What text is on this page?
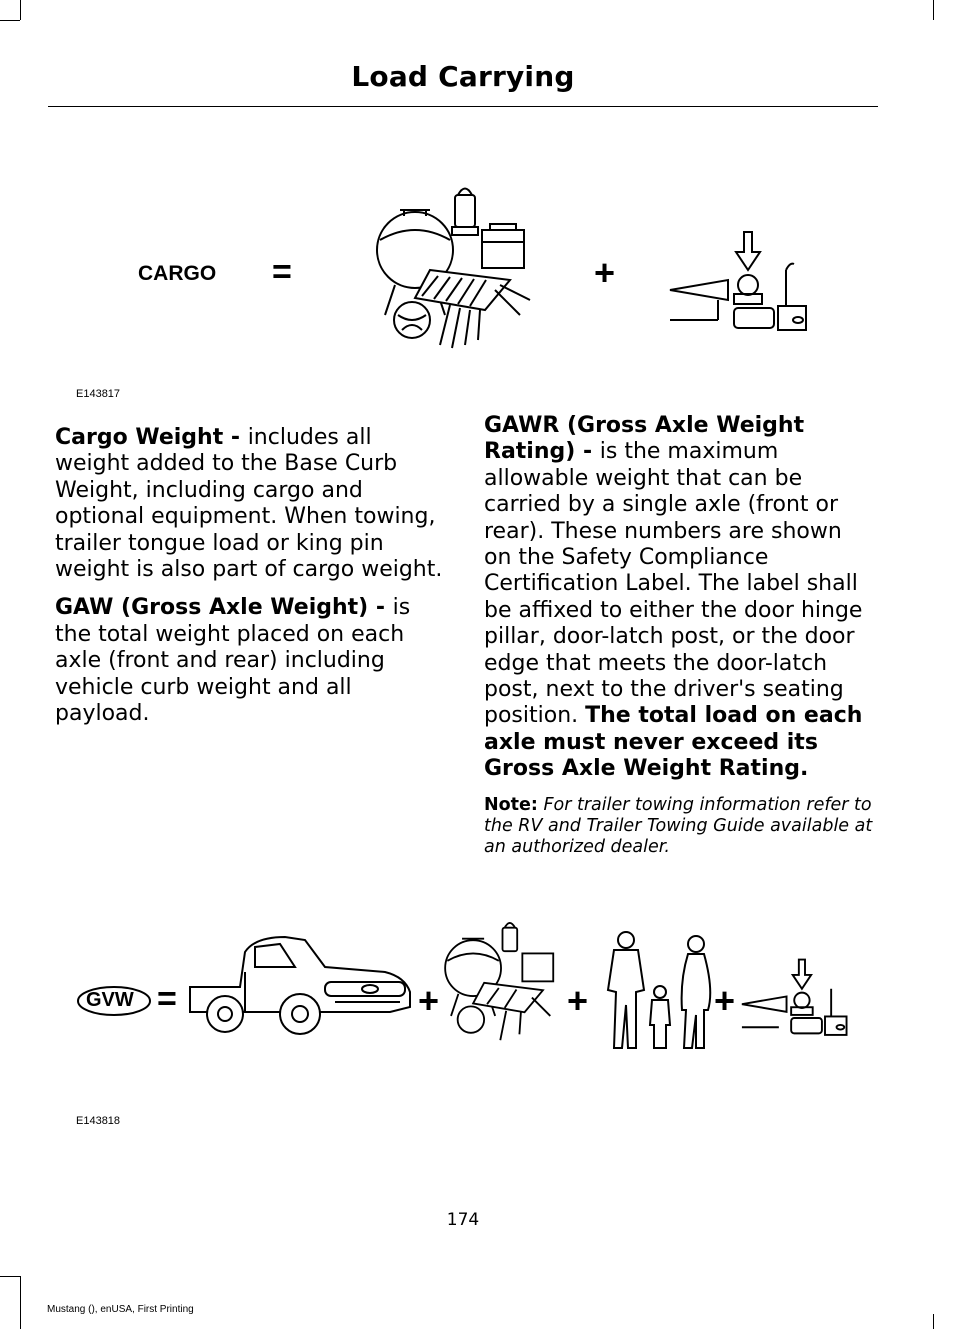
Load Carrying
CARGO =	+
E143817

Cargo Weight - includes all weight added to the Base Curb Weight, including cargo and optional equipment. When towing, trailer tongue load or king pin weight is also part of cargo weight.

GAW (Gross Axle Weight) - is the total weight placed on each axle (front and rear) including vehicle curb weight and all payload.

GAWR (Gross Axle Weight Rating) - is the maximum allowable weight that can be carried by a single axle (front or rear). These numbers are shown on the Safety Compliance Certification Label. The label shall be affixed to either the door hinge pillar, door-latch post, or the door edge that meets the door-latch post, next to the driver's seating position. The total load on each axle must never exceed its Gross Axle Weight Rating.

Note: For trailer towing information refer to the RV and Trailer Towing Guide available at an authorized dealer.

GVW =	+	+	+
E143818
174
Mustang (), enUSA, First Printing
